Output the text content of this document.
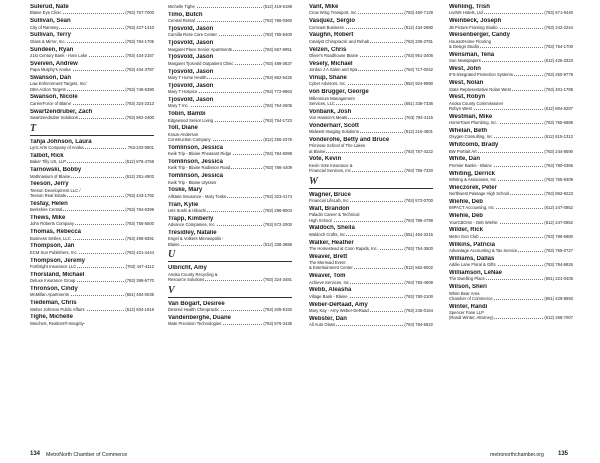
Sulerud, Nate
Blaine Eye Clinic	(763) 757-7000
Sullivan, Sean
City of Ramsey	(763) 427-1410
Sullivan, Terry
Glass & Mirror, Inc.	(763) 784-1705
Sundeen, Ryan
21st Century Bank - Ham Lake	(763) 434-2157
Sveiven, Andrew
Papa Murphy's Anoka	(763) 434-3787
Swanson, Dan
Law Enforcement Targets, Inc/
DBA Action Targets	(763) 746-5390
Swanson, Nicole
CareerForce of Blaine	(763) 324-2313
Swartzendruber, Zach
Swartzendruber Solutions	(763) 862-2400
T
Tahja Johnson, Laura
Lyric Arts Company of Anoka	763-233-0801
Talbot, Rick
Baker Tilly US, LLP	(612) 876-4758
Tarnowski, Bobby
Mathnasium of Blaine	(612) 251-4903
Teeson, Jerry
Teeson Development LLC /
Teeson Real Estate	(763) 443-1792
Tesfay, Helen
Berkshire Central	(763) 784-0399
Thews, Mike
John Roberts Company	(763) 755-5500
Thomas, Rebecca
Business Smiles, LLC	(763) 496-8391
Thompson, Jan
ECM Sun Publishers, Inc.	(763) 421-4444
Thompson, Jeremy
Fortbright Insurance LLC	(763) 447-4112
Thorsland, Michael
Deluxe Insurance Group	(763) 398-6770
Thronson, Cindy
McMillan Apartments	(651) 484-0035
Tiedeman, Chris
Weber Johnson Public Affairs	(612) 834-1919
Tighe, Michelle
Weichert, Realtors®-Integrity-
Michelle Tighe	(612) 419-6189
Timo, Butch
Central Rental	(763) 786-0360
Tjosvold, Jason
Camilla Rose Care Center	(763) 755-8400
Tjosvold, Jason
Margaret Place Senior Apartments	(763) 567-8951
Tjosvold, Jason
Margaret Tjosvold Outpatient Clinic	(763) 489-3637
Tjosvold, Jason
Mary T Home Health	(763) 862-5426
Tjosvold, Jason
Mary T Hospice	(763) 772-9963
Tjosvold, Jason
Mary T Inc.	(763) 754-2505
Tobin, Bambi
Edgewood Senior Living	(763) 754-1723
Toll, Diane
Kraus-Anderson
Construction Company	(612) 255-2376
Tomlinson, Jessica
Kwik Trip - Blaine Pheasant Ridge	(763) 784-6088
Tomlinson, Jessica
Kwik Trip - Blaine Radisson Road	(763) 786-4409
Tomlinson, Jessica
Kwik Trip - Blaine Ulysses
Toske, Mary
Allstate Insurance - Mary Toske	(763) 323-4174
Tran, Kylie
Umi Sushi & Hibachi	(763) 296-8004
Trapp, Kimberly
Advance Companies, Inc	(763) 572-2000
Tresidley, Natalie
Engel & Volkers Minneapolis -
Blaine	(612) 338-3886
U
Ulbricht, Amy
Anoka County Recycling &
Resource Solutions	(763) 324-3481
V
Van Bogart, Desiree
Desired Health Chiropractic	(763) 205-9192
Vandenberghe, Duane
Mate Precision Technologies	(763) 576-3435
Vant, Mike
Crow Wing Transport, Inc.	(763) 450-7129
Vasquez, Sergio
Comcast Business	(612) 434-2680
Vaughn, Robert
Catalyst Chiropractic and Rehab	(763) 205-3781
Velzen, Chris
Oliver's Roadhouse Blaine	(763) 951-3406
Vesely, Michael
Jordan J A Salon and Spa	(763) 717-0042
Vinup, Shane
Cyber Advisors, Inc.	(952) 924-9990
von Brugger, George
Millennium Management
Services, LLC	(651) 338-7336
Vonbank, Josh
Von Hanson's Meats	(763) 792-4115
Vonderharr, Scott
Midwest Imaging Solutions	(612) 216-4801
Vonderohe, Betty and Bruce
Primrose School of The Lakes
at Blaine	(763) 767-4222
Vote, Kevin
Kevin Vote Insurance &
Financial Services, Inc	(763) 755-7320
W
Wagner, Bruce
Financial LifeLab, Inc	(763) 572-0700
Wait, Brandon
Paladin Career & Technical
High School	(763) 786-4799
Waldoch, Sheila
Waldoch Crafts, Inc	(651) 464-3215
Walker, Heather
The Homestead at Coon Rapids, Inc.	(763) 754-3500
Weaver, Brett
The Mermaid Event
& Entertainment Center	(612) 562-5002
Weaver, Tom
Achieve Services, Inc	(763) 783-4909
Webb, Aleasha
Village Bank - Blaine	(763) 780-2100
Weber-DeRaad, Amy
Mary Kay - Amy Weber-DeRaad	(763) 245-0164
Webster, Dan
All Auto Glass	(763) 784-5922
Wehling, Trish
LivINN Hotels, Ltd	(763) 571-9440
Weinbeck, Joseph
JB Picture Framing Studio	(763) 242-2244
Weisenberger, Candy
House2Home Flooring
& Design Studio	(763) 754-1700
Wensman, Tena
Sun Newspapers	(612) 425-3323
West, John
IFS-Integrated Protection Systems	(763) 250-9779
West, Nolan
State Representative Nolan West	(763) 401-1789
West, Robyn
Anoka County Commissioner
Robyn West	(612) 804-8287
Westman, Mike
HomeTown Plumbing, Inc.	(763) 755-6886
Whelan, Beth
Oxygen Consulting, Inc	(612) 615-1312
Whitcomb, Brady
BW Portrait Art	(763) 244-8590
White, Dan
Premier Banks - Blaine	(763) 780-0365
Whiting, Derrick
Whiting & Associates, Inc	(763) 755-9309
Wieczorek, Peter
Northwest Passage High School	(763) 862-9223
Wiehle, Deb
IMPACT Accounting, Inc	(612) 247-0852
Wiehle, Deb
YourCBOmn - Deb Wiehle	(612) 247-0852
Wilder, Rick
Metro Gun Club	(763) 786-5880
Wilkins, Patricia
Advantage Accounting & Tax Service	(763) 755-0727
Williams, Dallas
Addie Lane Floral & Gifts	(763) 784-6826
Williamson, LeNae
The Dwelling Place	(651) 221-0405
Wilson, Sheri
White Bear Area
Chamber of Commerce	(651) 429-8593
Winter, Randi
Spencer Fane LLP
(Randi Winter, Attorney)	(612) 268-7007
134 MetroNorth Chamber of Commerce	metronorthchamber.org 135
